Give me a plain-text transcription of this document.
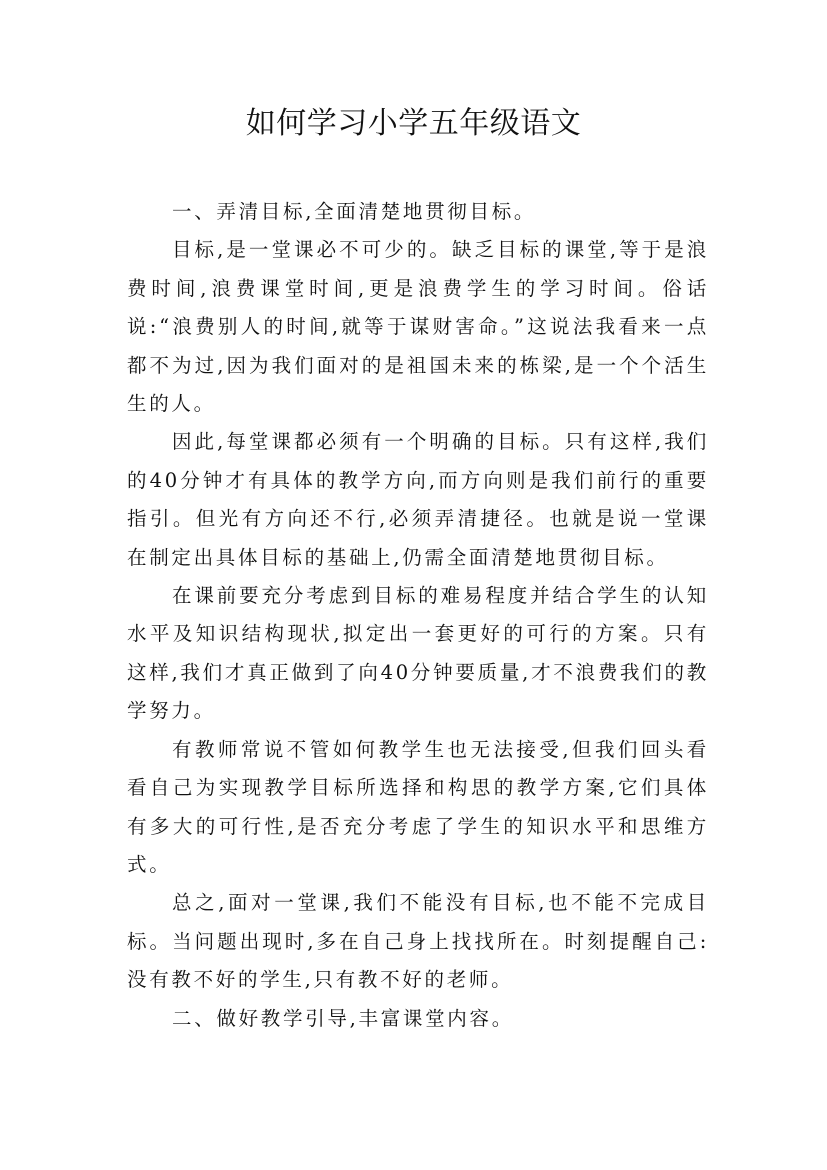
如何学习小学五年级语文

一、弄清目标,全面清楚地贯彻目标。

目标,是一堂课必不可少的。缺乏目标的课堂,等于是浪费时间,浪费课堂时间,更是浪费学生的学习时间。俗话说:“浪费别人的时间,就等于谋财害命。”这说法我看来一点都不为过,因为我们面对的是祖国未来的栋梁,是一个个活生生的人。

因此,每堂课都必须有一个明确的目标。只有这样,我们的40分钟才有具体的教学方向,而方向则是我们前行的重要指引。但光有方向还不行,必须弄清捷径。也就是说一堂课在制定出具体目标的基础上,仍需全面清楚地贯彻目标。

在课前要充分考虑到目标的难易程度并结合学生的认知水平及知识结构现状,拟定出一套更好的可行的方案。只有这样,我们才真正做到了向40分钟要质量,才不浪费我们的教学努力。

有教师常说不管如何教学生也无法接受,但我们回头看看自己为实现教学目标所选择和构思的教学方案,它们具体有多大的可行性,是否充分考虑了学生的知识水平和思维方式。

总之,面对一堂课,我们不能没有目标,也不能不完成目标。当问题出现时,多在自己身上找找所在。时刻提醒自己:没有教不好的学生,只有教不好的老师。

二、做好教学引导,丰富课堂内容。
